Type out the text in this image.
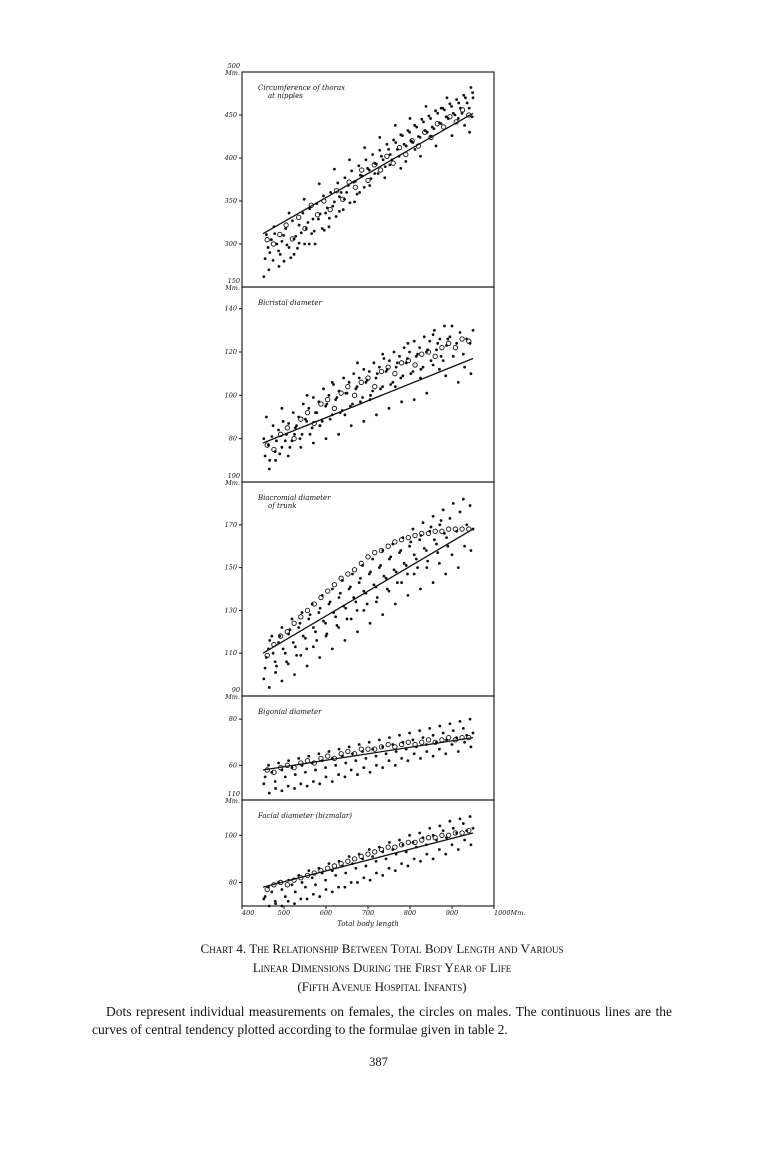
300
350
400
450
500
Mm.
Circumference of thorax
at nipples
80
100
120
140
150
Mm.
Bicristal diameter
110
130
150
170
190
Mm.
Biacromial diameter
of trunk
60
80
90
Mm.
Bigonial diameter
80
100
110
Mm.
Facial diameter (bizmalar)
400	500	600	700	800	900	1000Mm.
Total body length
Chart 4. The Relationship Between Total Body Length and Various
Linear Dimensions During the First Year of Life
(Fifth Avenue Hospital Infants)
Dots represent individual measurements on females, the circles on males. The continuous lines are the curves of central tendency plotted according to the formulae given in table 2.
387
